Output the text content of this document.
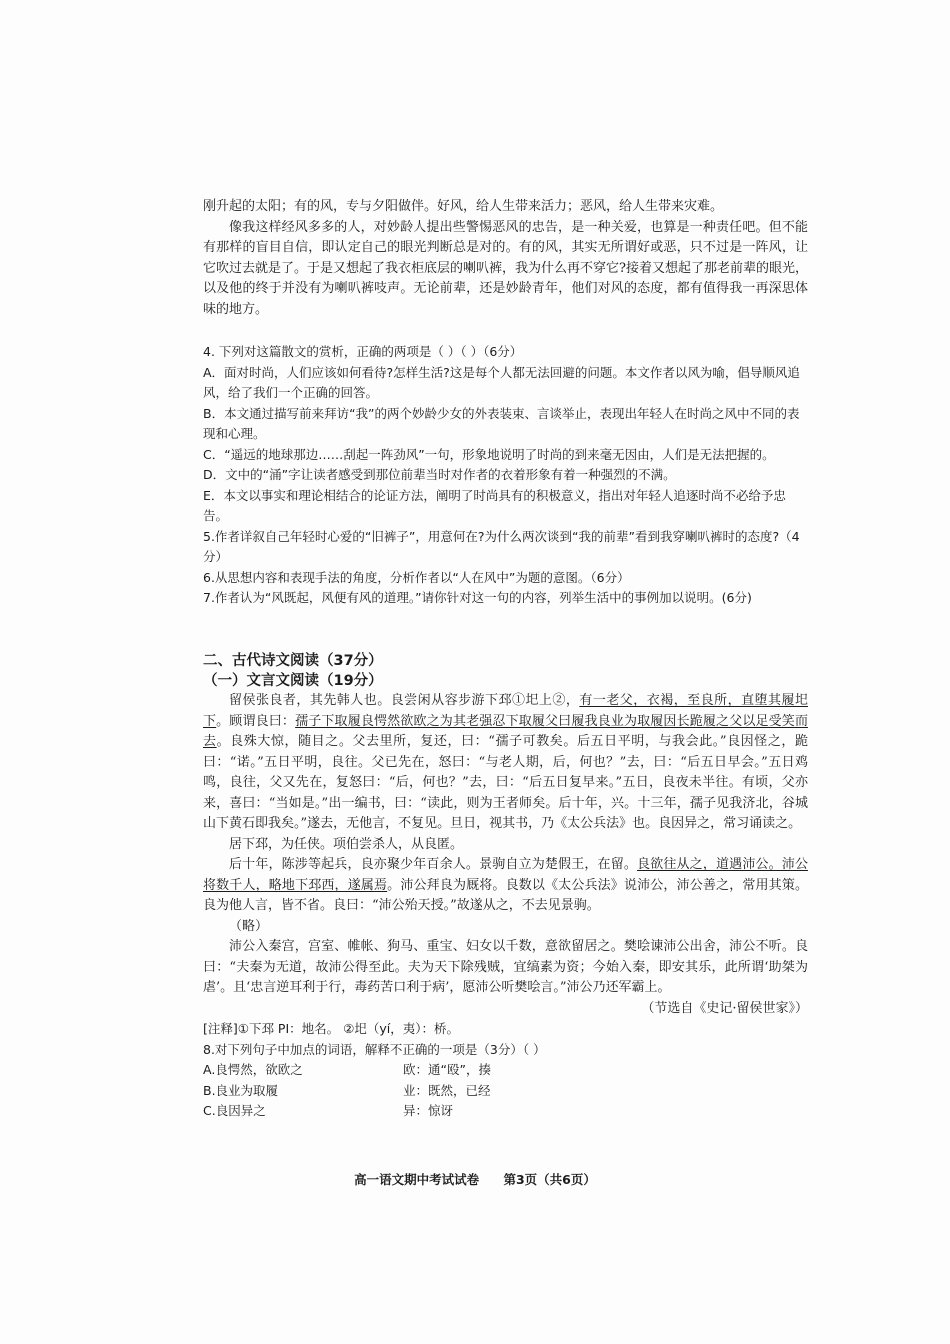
刚升起的太阳；有的风，专与夕阳做伴。好风，给人生带来活力；恶风，给人生带来灾难。

像我这样经风多多的人，对妙龄人提出些警惕恶风的忠告，是一种关爱，也算是一种责任吧。但不能有那样的盲目自信，即认定自己的眼光判断总是对的。有的风，其实无所谓好或恶，只不过是一阵风，让它吹过去就是了。于是又想起了我衣柜底层的喇叭裤，我为什么再不穿它?接着又想起了那老前辈的眼光，以及他的终于并没有为喇叭裤吱声。无论前辈，还是妙龄青年，他们对风的态度，都有值得我一再深思体味的地方。

4. 下列对这篇散文的赏析，正确的两项是（ ）（ ）（6分）

A．面对时尚，人们应该如何看待?怎样生活?这是每个人都无法回避的问题。本文作者以风为喻，倡导顺风追风，给了我们一个正确的回答。

B．本文通过描写前来拜访“我”的两个妙龄少女的外表装束、言谈举止，表现出年轻人在时尚之风中不同的表现和心理。

C．“遥远的地球那边……刮起一阵劲风”一句，形象地说明了时尚的到来毫无因由，人们是无法把握的。

D．文中的“涌”字让读者感受到那位前辈当时对作者的衣着形象有着一种强烈的不满。

E．本文以事实和理论相结合的论证方法，阐明了时尚具有的积极意义，指出对年轻人追逐时尚不必给予忠告。

5.作者详叙自己年轻时心爱的“旧裤子”，用意何在?为什么两次谈到“我的前辈”看到我穿喇叭裤时的态度?（4分）

6.从思想内容和表现手法的角度，分析作者以“人在风中”为题的意图。（6分）

7.作者认为“风既起，风便有风的道理。”请你针对这一句的内容，列举生活中的事例加以说明。(6分)

二、古代诗文阅读（37分）

（一）文言文阅读（19分）

留侯张良者，其先韩人也。良尝闲从容步游下邳①圯上②，有一老父，衣褐，至良所，直堕其履圯下。顾谓良曰：孺子下取履良愕然欲欧之为其老强忍下取履父曰履我良业为取履因长跪履之父以足受笑而去。良殊大惊，随目之。父去里所，复还，曰：“孺子可教矣。后五日平明，与我会此。”良因怪之，跪曰：“诺。”五日平明，良往。父已先在，怒曰：“与老人期，后，何也？”去，曰：“后五日早会。”五日鸡鸣，良往，父又先在，复怒曰：“后，何也？”去，曰：“后五日复早来。”五日，良夜未半往。有顷，父亦来，喜曰：“当如是。”出一编书，曰：“读此，则为王者师矣。后十年，兴。十三年，孺子见我济北，谷城山下黄石即我矣。”遂去，无他言，不复见。旦日，视其书，乃《太公兵法》也。良因异之，常习诵读之。

居下邳，为任侠。项伯尝杀人，从良匿。

后十年，陈涉等起兵，良亦聚少年百余人。景驹自立为楚假王，在留。良欲往从之，道遇沛公。沛公将数千人，略地下邳西，遂属焉。沛公拜良为厩将。良数以《太公兵法》说沛公，沛公善之，常用其策。良为他人言，皆不省。良曰：“沛公殆天授。”故遂从之，不去见景驹。

（略）

沛公入秦宫，宫室、帷帐、狗马、重宝、妇女以千数，意欲留居之。樊哙谏沛公出舍，沛公不听。良曰：“夫秦为无道，故沛公得至此。夫为天下除残贼，宜缟素为资；今始入秦，即安其乐，此所谓‘助桀为虐’。且‘忠言逆耳利于行，毒药苦口利于病’，愿沛公听樊哙言。”沛公乃还军霸上。

（节选自《史记·留侯世家》）

[注释]①下邳 PI：地名。 ②圯（yí，夷）：桥。

8.对下列句子中加点的词语，解释不正确的一项是（3分）（ ）

A.良愕然，欲欧之	欧：通“殴”，揍
B.良业为取履	业：既然，已经
C.良因异之	异：惊讶
高一语文期中考试试卷 第3页（共6页）
